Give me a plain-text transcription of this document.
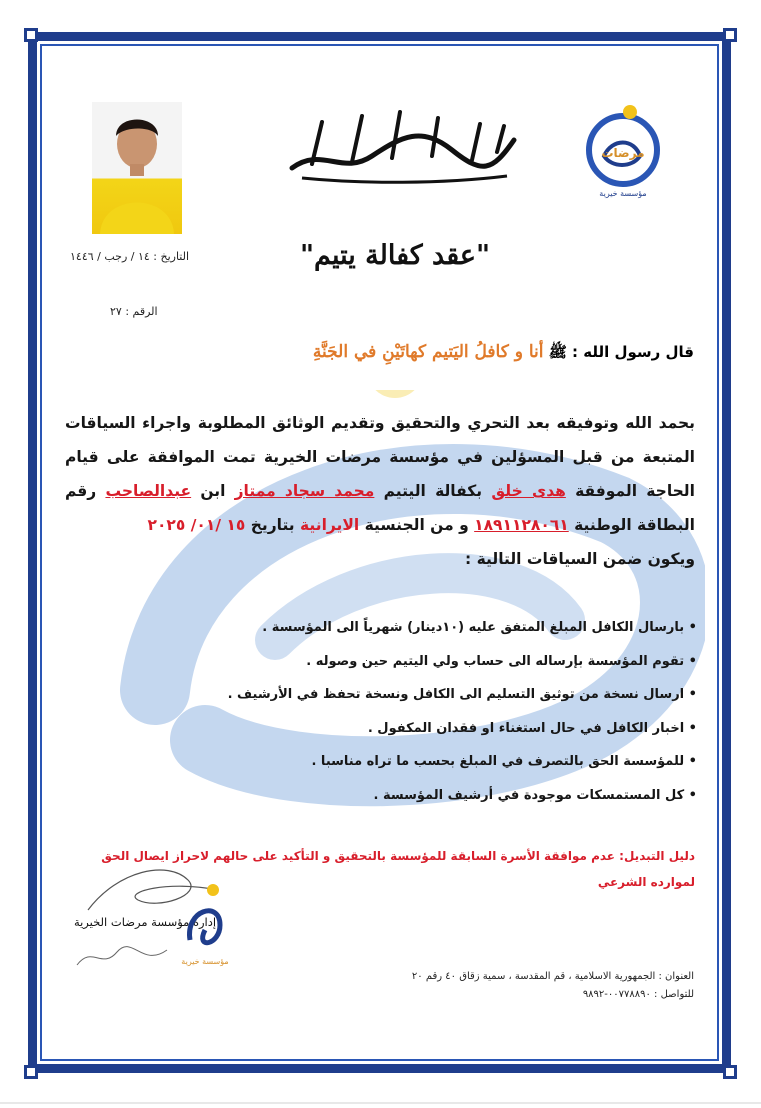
مرضات
مؤسسة خيرية
"عقد كفالة يتيم"
التاريخ : ١٤ / رجب / ١٤٤٦
الرقم : ٢٧
قال رسول الله : ﷺ أنا و كافلُ اليَتيم كهاتَيْنِ في الجَنَّةِ
بحمد الله وتوفيقه بعد التحري والتحقيق وتقديم الوثائق المطلوبة واجراء السياقات المتبعة من قبل المسؤلين في مؤسسة مرضات الخيرية تمت الموافقة على قيام الحاجة الموفقة هدى خلق بكفالة اليتيم محمد سجاد ممتاز ابن عبدالصاحب رقم البطاقة الوطنية ١٨٩١١٢٨٠٦١ و من الجنسية الايرانية بتاريخ ١٥ /٠١/ ٢٠٢٥
ويكون ضمن السياقات التالية :
• بارسال الكافل المبلغ المتفق عليه (١٠دينار) شهرياً الى المؤسسة .
• تقوم المؤسسة بإرساله الى حساب ولي اليتيم حين وصوله .
• ارسال نسخة من توثيق التسليم الى الكافل ونسخة تحفظ في الأرشيف .
• اخبار الكافل في حال استغناء او فقدان المكفول .
• للمؤسسة الحق بالتصرف في المبلغ بحسب ما تراه مناسبا .
• كل المستمسكات موجودة في أرشيف المؤسسة .
دليل التبديل: عدم موافقة الأسرة السابقة للمؤسسة بالتحقيق و التأكيد على حالهم لاحراز ايصال الحق لموارده الشرعي
إدارة مؤسسة مرضات الخيرية
مؤسسة خيرية
العنوان : الجمهورية الاسلامية ، قم المقدسة ، سمية زقاق ٤٠ رقم ٢٠
للتواصل : ٠٠٧٧٨٨٩٠-٩٨٩٢
